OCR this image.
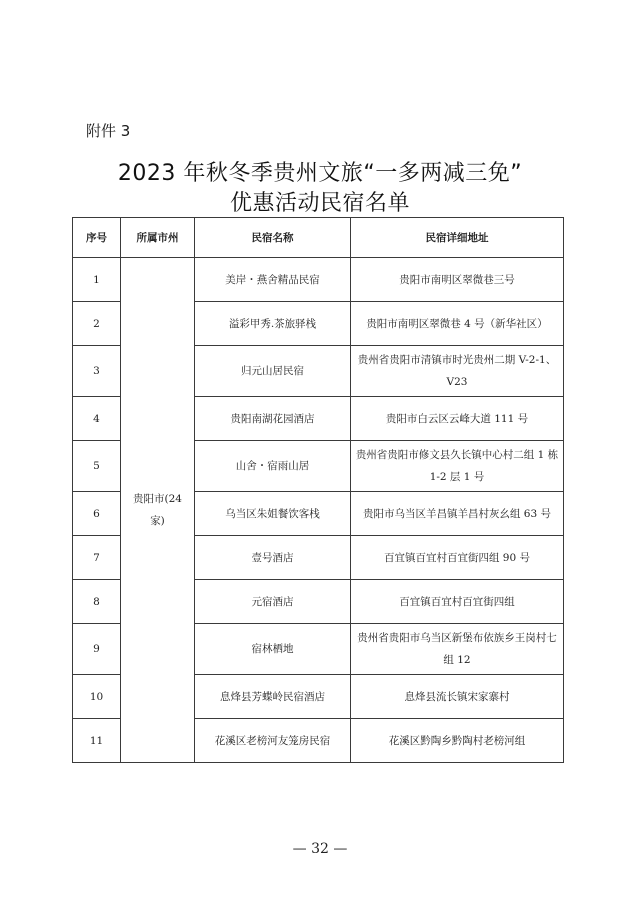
附件 3
2023 年秋冬季贵州文旅“一多两减三免”
优惠活动民宿名单
序号	所属市州	民宿名称	民宿详细地址
1	贵阳市(24 家)	美岸・燕舍精品民宿	贵阳市南明区翠微巷三号
2		溢彩甲秀.茶旅驿栈	贵阳市南明区翠微巷 4 号（新华社区）
3		归元山居民宿	贵州省贵阳市清镇市时光贵州二期 V-2-1、V23
4		贵阳南湖花园酒店	贵阳市白云区云峰大道 111 号
5		山舍・宿雨山居	贵州省贵阳市修文县久长镇中心村二组 1 栋 1-2 层 1 号
6		乌当区朱姐餐饮客栈	贵阳市乌当区羊昌镇羊昌村灰幺组 63 号
7		壹号酒店	百宜镇百宜村百宜街四组 90 号
8		元宿酒店	百宜镇百宜村百宜街四组
9		宿林栖地	贵州省贵阳市乌当区新堡布依族乡王岗村七组 12
10		息烽县芳蝶岭民宿酒店	息烽县流长镇宋家寨村
11		花溪区老榜河友笼房民宿	花溪区黔陶乡黔陶村老榜河组
— 32 —
